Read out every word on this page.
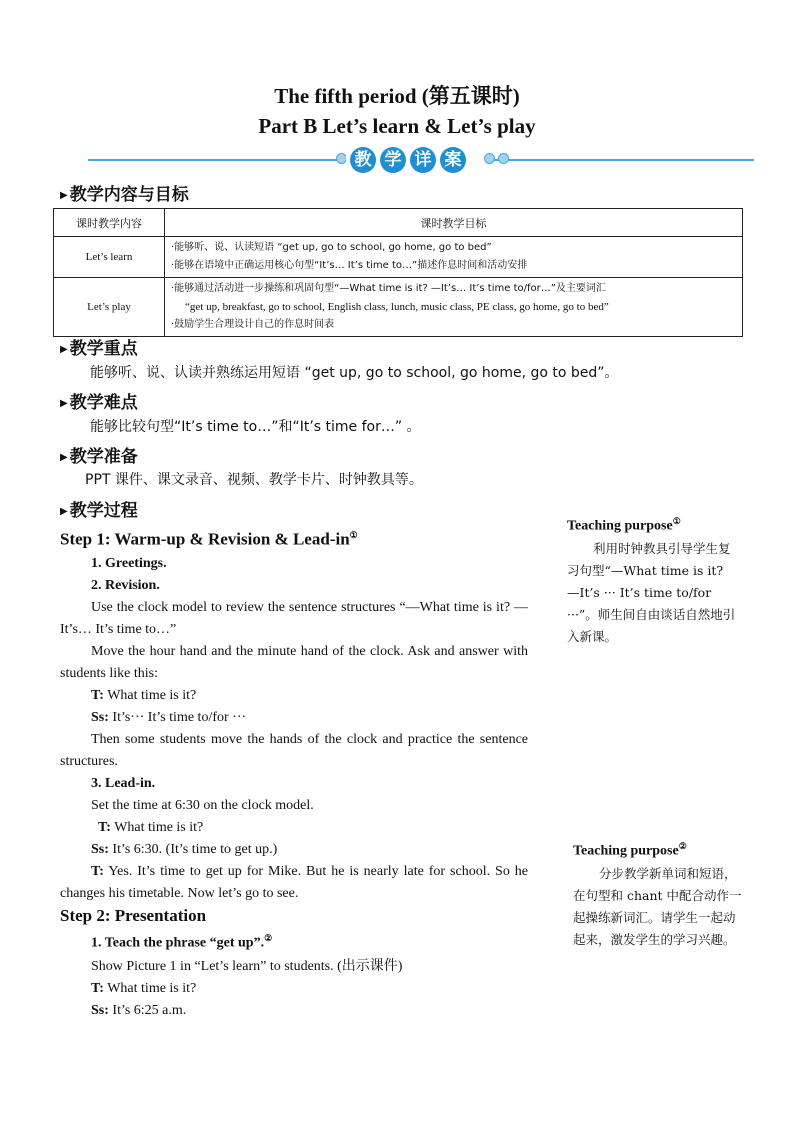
The fifth period (第五课时)
Part B Let’s learn & Let’s play
教 学 详 案
▶ 教学内容与目标
课时教学内容	课时教学目标
Let’s learn	·能够听、说、认读短语 “get up, go to school, go home, go to bed”
·能够在语境中正确运用核心句型“It’s… It’s time to…”描述作息时间和活动安排

Let’s play	·能够通过活动进一步操练和巩固句型“—What time is it? —It’s… It’s time to/for…”及主要词汇
“get up, breakfast, go to school, English class, lunch, music class, PE class, go home, go to bed”
·鼓励学生合理设计自己的作息时间表
▶ 教学重点
能够听、说、认读并熟练运用短语 “get up, go to school, go home, go to bed”。
▶ 教学难点
能够比较句型“It’s time to…”和“It’s time for…” 。
▶ 教学准备
PPT 课件、课文录音、视频、教学卡片、时钟教具等。
▶ 教学过程
Step 1: Warm-up & Revision & Lead-in①
1. Greetings.
2. Revision.
Use the clock model to review the sentence structures “—What time is it? —It’s… It’s time to…”
Move the hour hand and the minute hand of the clock. Ask and answer with students like this:
T: What time is it?
Ss: It’s··· It’s time to/for ···
Then some students move the hands of the clock and practice the sentence structures.
3. Lead-in.
Set the time at 6:30 on the clock model.
T: What time is it?
Ss: It’s 6:30. (It’s time to get up.)
T: Yes. It’s time to get up for Mike. But he is nearly late for school. So he changes his timetable. Now let’s go to see.
Step 2: Presentation
1. Teach the phrase “get up”.②
Show Picture 1 in “Let’s learn” to students. (出示课件)
T: What time is it?
Ss: It’s 6:25 a.m.
Teaching purpose①
利用时钟教具引导学生复习句型“—What time is it? —It’s ··· It’s time to/for ···”。师生间自由谈话自然地引入新课。
Teaching purpose②
分步教学新单词和短语，在句型和 chant 中配合动作一起操练新词汇。请学生一起动起来，激发学生的学习兴趣。
